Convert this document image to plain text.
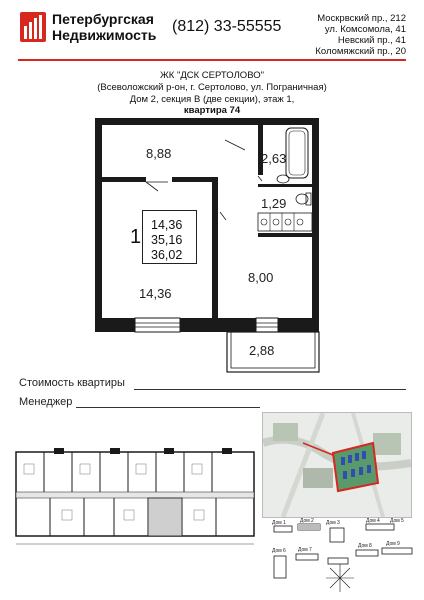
Петербургская
Недвижимость (812) 33-55555	Москрвский пр., 212
ул. Комсомола, 41
Невский пр., 41
Коломяжский пр., 20
ЖК "ДСК СЕРТОЛОВО"
(Всеволожский р-он, г. Сертолово, ул. Пограничная)
Дом 2, секция В (две секции), этаж 1,
квартира 74
8,88	2,63
1,29
8,00
14,36
2,88
1
14,36
35,16
36,02
Стоимость квартиры
Менеджер
Дом 1	Дом 2 Дом 3	Дом 4 Дом 5
Дом 6 Дом 7
Дом 8	Дом 9
